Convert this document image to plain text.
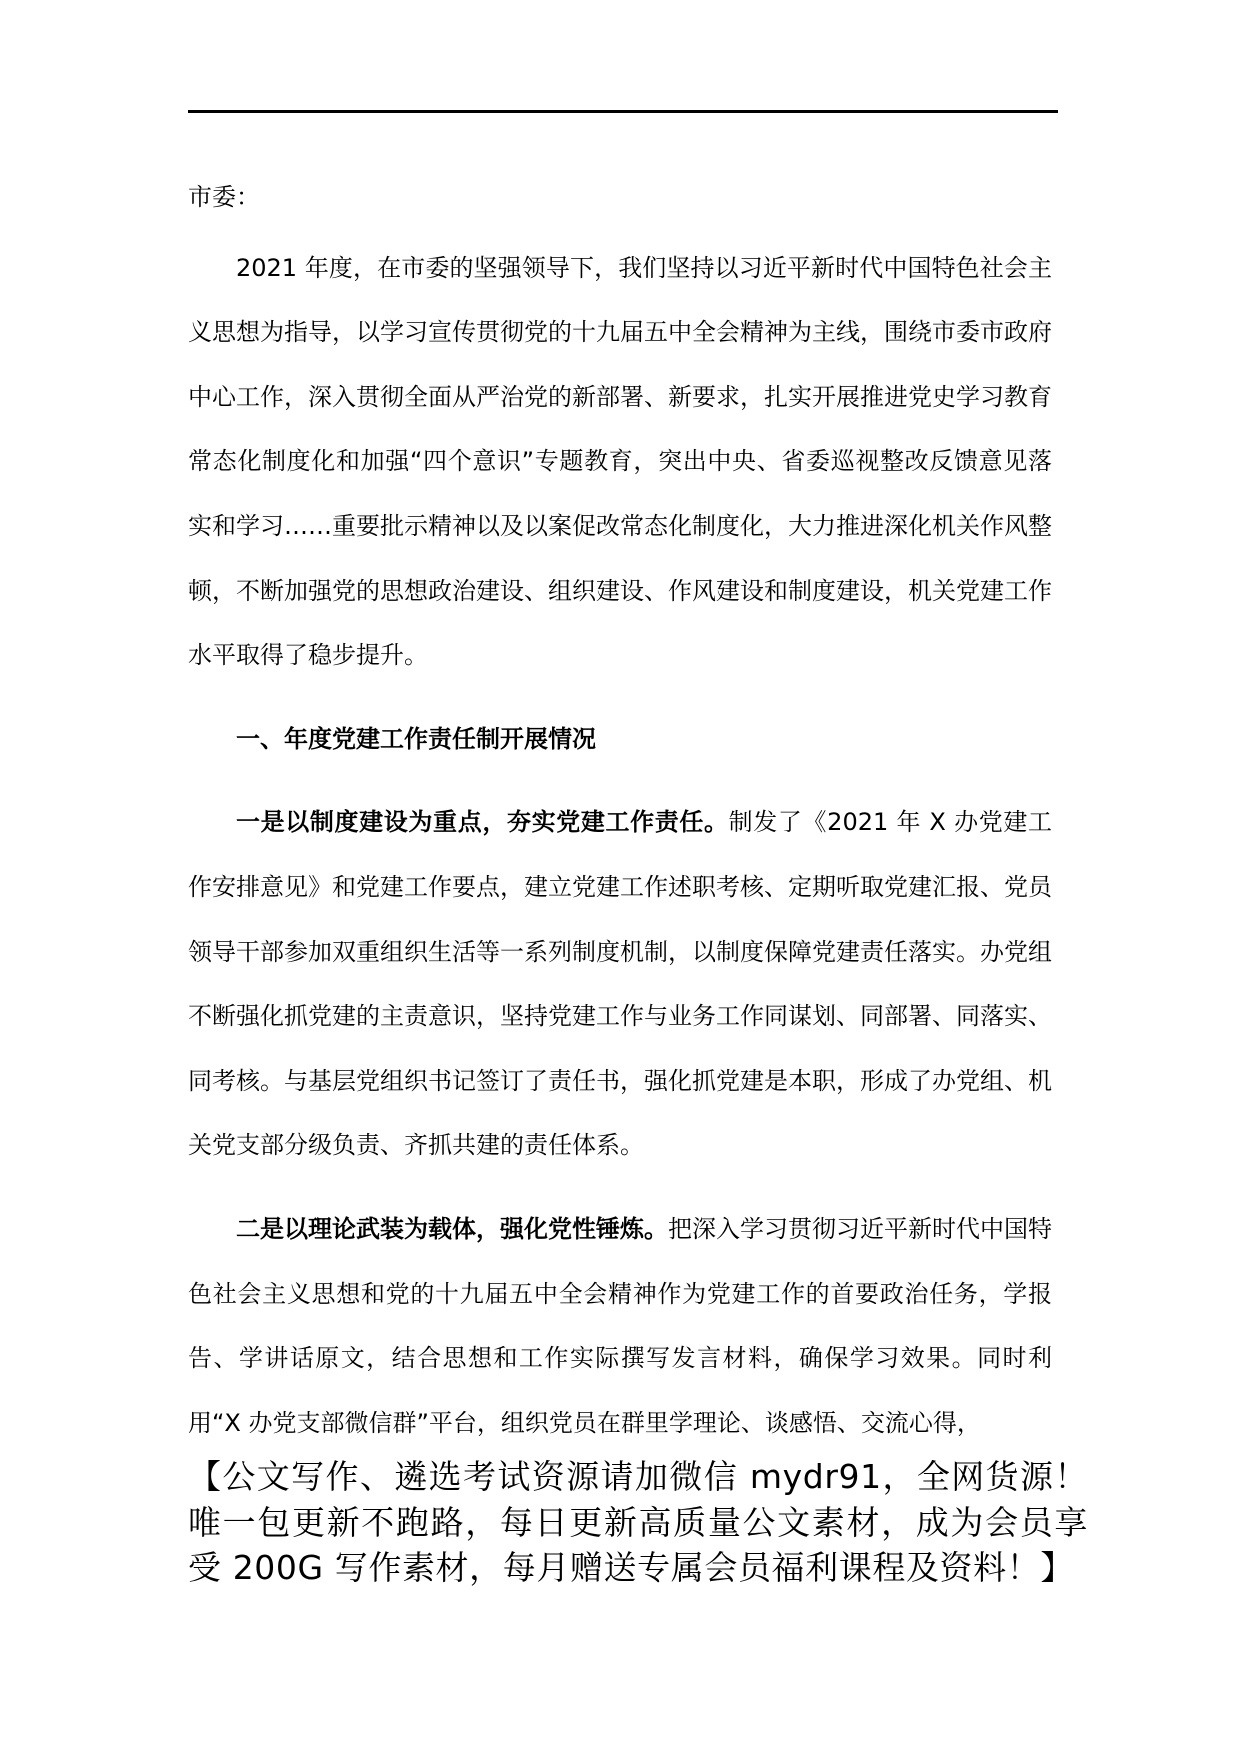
市委：

2021 年度，在市委的坚强领导下，我们坚持以习近平新时代中国特色社会主义思想为指导，以学习宣传贯彻党的十九届五中全会精神为主线，围绕市委市政府中心工作，深入贯彻全面从严治党的新部署、新要求，扎实开展推进党史学习教育常态化制度化和加强“四个意识”专题教育，突出中央、省委巡视整改反馈意见落实和学习……重要批示精神以及以案促改常态化制度化，大力推进深化机关作风整顿，不断加强党的思想政治建设、组织建设、作风建设和制度建设，机关党建工作水平取得了稳步提升。

一、年度党建工作责任制开展情况

一是以制度建设为重点，夯实党建工作责任。制发了《2021 年 X 办党建工作安排意见》和党建工作要点，建立党建工作述职考核、定期听取党建汇报、党员领导干部参加双重组织生活等一系列制度机制，以制度保障党建责任落实。办党组不断强化抓党建的主责意识，坚持党建工作与业务工作同谋划、同部署、同落实、同考核。与基层党组织书记签订了责任书，强化抓党建是本职，形成了办党组、机关党支部分级负责、齐抓共建的责任体系。

二是以理论武装为载体，强化党性锤炼。把深入学习贯彻习近平新时代中国特色社会主义思想和党的十九届五中全会精神作为党建工作的首要政治任务，学报告、学讲话原文，结合思想和工作实际撰写发言材料，确保学习效果。同时利用“X 办党支部微信群”平台，组织党员在群里学理论、谈感悟、交流心得，

【公文写作、遴选考试资源请加微信 mydr91，全网货源！唯一包更新不跑路，每日更新高质量公文素材，成为会员享受 200G 写作素材，每月赠送专属会员福利课程及资料！】
